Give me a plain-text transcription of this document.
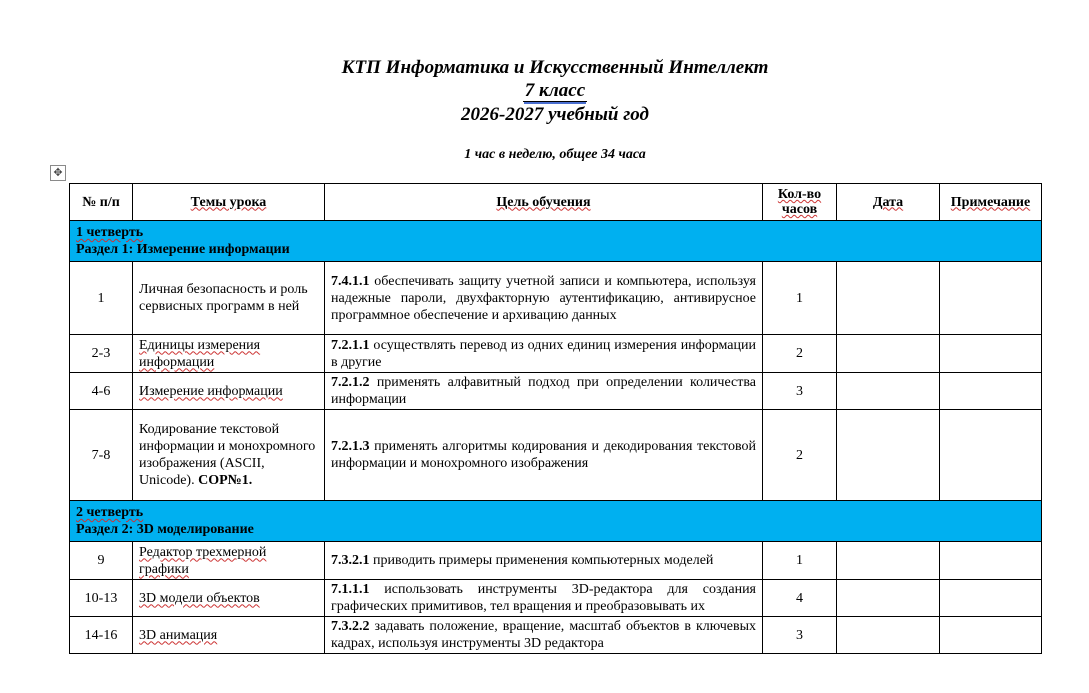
КТП Информатика и Искусственный Интеллект
7 класс
2026-2027 учебный год
1 час в неделю, общее 34 часа
✥
№ п/п	Темы урока	Цель обучения	Кол-во часов	Дата	Примечание

1 четверть
Раздел 1: Измерение информации					

1	Личная безопасность и роль сервисных программ в ней	7.4.1.1 обеспечивать защиту учетной записи и компьютера, используя надежные пароли, двухфакторную аутентификацию, антивирусное программное обеспечение и архивацию данных	1		
2-3	Единицы измерения информации	7.2.1.1 осуществлять перевод из одних единиц измерения информации в другие	2		
4-6	Измерение информации	7.2.1.2 применять алфавитный подход при определении количества информации	3		
7-8	Кодирование текстовой информации и монохромного изображения (ASCII, Unicode). СОР№1.	7.2.1.3 применять алгоритмы кодирования и декодирования текстовой информации и монохромного изображения	2		

2 четверть
Раздел 2: 3D моделирование					

9	Редактор трехмерной графики	7.3.2.1 приводить примеры применения компьютерных моделей	1		
10-13	3D модели объектов	7.1.1.1 использовать инструменты 3D-редактора для создания графических примитивов, тел вращения и преобразовывать их	4		
14-16	3D анимация	7.3.2.2 задавать положение, вращение, масштаб объектов в ключевых кадрах, используя инструменты 3D редактора	3		
